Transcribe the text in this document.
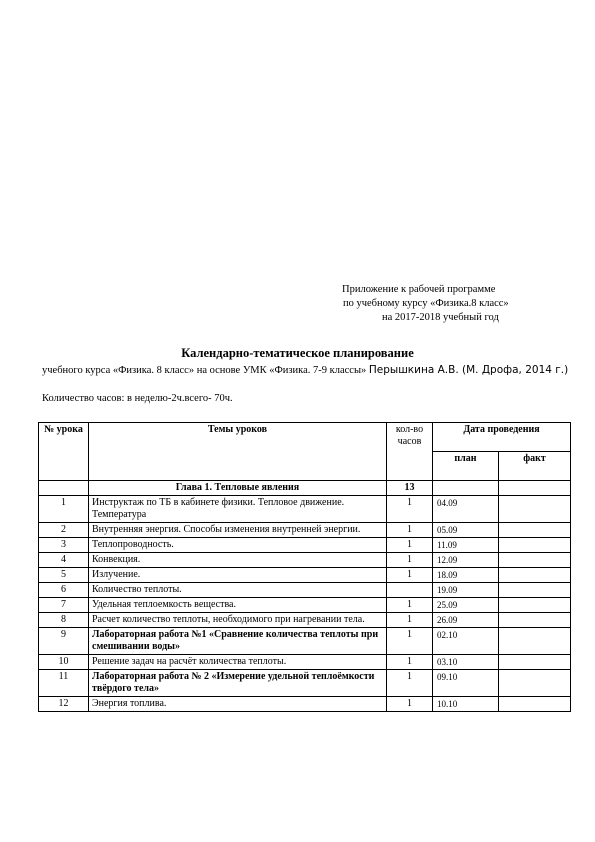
Приложение к рабочей программе
по учебному курсу «Физика.8 класс»
на 2017-2018 учебный год
Календарно-тематическое планирование
учебного курса «Физика. 8 класс» на основе УМК «Физика. 7-9 классы» Перышкина А.В. (М. Дрофа, 2014 г.)
Количество часов: в неделю-2ч.всего- 70ч.
№ урока	Темы уроков	кол-во часов	Дата проведения	
			план	факт
	Глава 1. Тепловые явления	13		
1	Инструктаж по ТБ в кабинете физики. Тепловое движение. Температура	1	04.09	
2	Внутренняя энергия. Способы изменения внутренней энергии.	1	05.09	
3	Теплопроводность.	1	11.09	
4	Конвекция.	1	12.09	
5	Излучение.	1	18.09	
6	Количество теплоты.		19.09	
7	Удельная теплоемкость вещества.	1	25.09	
8	Расчет количество теплоты, необходимого при нагревании тела.	1	26.09	
9	Лабораторная работа №1 «Сравнение количества теплоты при смешивании воды»	1	02.10	
10	Решение задач на расчёт количества теплоты.	1	03.10	
11	Лабораторная работа № 2 «Измерение удельной теплоёмкости твёрдого тела»	1	09.10	
12	Энергия топлива.	1	10.10	
